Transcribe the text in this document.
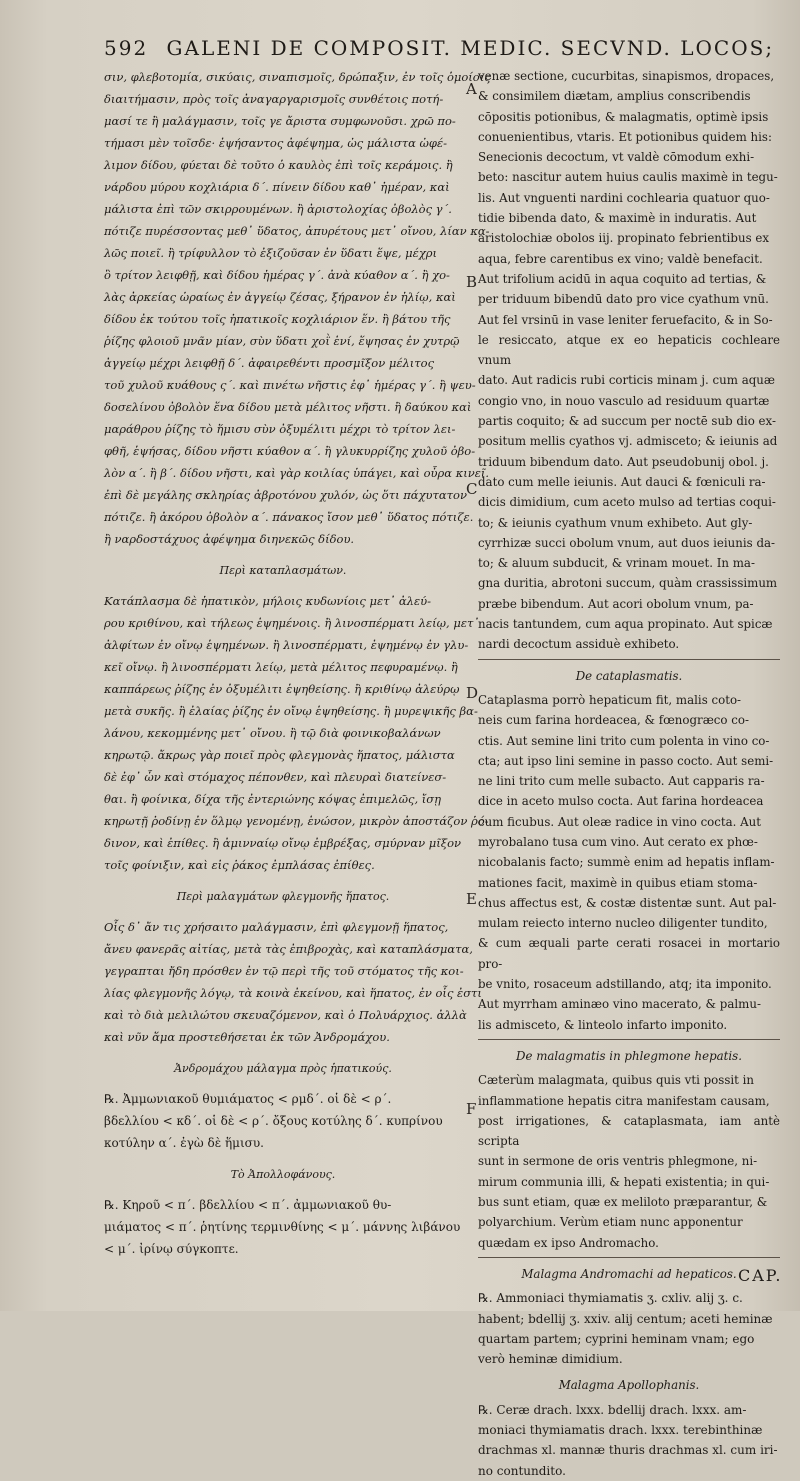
592 GALENI DE COMPOSIT. MEDIC. SECVND. LOCOS;
σιν, φλεβοτομία, σικύαις, σιναπισμοῖς, δρώπαξιν, ἐν τοῖς ὁμοίοις
διαιτήμασιν, πρὸς τοῖς ἀναγαργαρισμοῖς συνθέτοις ποτή-
μασί τε ἢ μαλάγμασιν, τοῖς γε ἄριστα συμφωνοῦσι. χρῶ πο-
τήμασι μὲν τοῖσδε· ἑψήσαντος ἀφέψημα, ὡς μάλιστα ὠφέ-
λιμον δίδου, φύεται δὲ τοῦτο ὁ καυλὸς ἐπὶ τοῖς κεράμοις. ἢ
νάρδου μύρου κοχλιάρια δ΄. πίνειν δίδου καθ᾽ ἡμέραν, καὶ
μάλιστα ἐπὶ τῶν σκιρρουμένων. ἢ ἀριστολοχίας ὀβολὸς γ΄.
πότιζε πυρέσσοντας μεθ᾽ ὕδατος, ἀπυρέτους μετ᾽ οἴνου, λίαν κα-
λῶς ποιεῖ. ἢ τρίφυλλον τὸ ἐξιζοῦσαν ἐν ὕδατι ἕψε, μέχρι
ὃ τρίτον λειφθῇ, καὶ δίδου ἡμέρας γ΄. ἀνὰ κύαθον α΄. ἢ χο-
λὰς ἀρκείας ὡραίως ἐν ἀγγείῳ ζέσας, ξήρανον ἐν ἡλίῳ, καὶ
δίδου ἐκ τούτου τοῖς ἡπατικοῖς κοχλιάριον ἕν. ἢ βάτου τῆς
ῥίζης φλοιοῦ μνᾶν μίαν, σὺν ὕδατι χοῒ ἑνί, ἕψησας ἐν χυτρῷ
ἀγγείῳ μέχρι λειφθῇ δ΄. ἀφαιρεθέντι προσμῖξον μέλιτος
τοῦ χυλοῦ κυάθους ς΄. καὶ πινέτω νῆστις ἐφ᾽ ἡμέρας γ΄. ἢ ψευ-
δοσελίνου ὀβολὸν ἕνα δίδου μετὰ μέλιτος νῆστι. ἢ δαύκου καὶ
μαράθρου ῥίζης τὸ ἥμισυ σὺν ὀξυμέλιτι μέχρι τὸ τρίτον λει-
φθῆ, ἑψήσας, δίδου νῆστι κύαθον α΄. ἢ γλυκυρρίζης χυλοῦ ὀβο-
λὸν α΄. ἢ β΄. δίδου νῆστι, καὶ γὰρ κοιλίας ὑπάγει, καὶ οὖρα κινεῖ.
ἐπὶ δὲ μεγάλης σκληρίας ἀβροτόνου χυλόν, ὡς ὅτι πάχυτατον
πότιζε. ἢ ἀκόρου ὀβολὸν α΄. πάνακος ἴσον μεθ᾽ ὕδατος πότιζε.
ἢ ναρδοστάχυος ἀφέψημα διηνεκῶς δίδου.
Περὶ καταπλασμάτων.
Κατάπλασμα δὲ ἡπατικὸν, μήλοις κυδωνίοις μετ᾽ ἀλεύ-
ρου κριθίνου, καὶ τήλεως ἑψημένοις. ἢ λινοσπέρματι λείῳ, μετ᾽
ἀλφίτων ἐν οἴνῳ ἑψημένων. ἢ λινοσπέρματι, ἑψημένῳ ἐν γλυ-
κεῖ οἴνῳ. ἢ λινοσπέρματι λείῳ, μετὰ μέλιτος πεφυραμένῳ. ἢ
καππάρεως ῥίζης ἐν ὀξυμέλιτι ἑψηθείσης. ἢ κριθίνῳ ἀλεύρῳ
μετὰ συκῆς. ἢ ἐλαίας ῥίζης ἐν οἴνῳ ἑψηθείσης. ἢ μυρεψικῆς βα-
λάνου, κεκομμένης μετ᾽ οἴνου. ἢ τῷ διὰ φοινικοβαλάνων
κηρωτῷ. ἄκρως γὰρ ποιεῖ πρὸς φλεγμονὰς ἥπατος, μάλιστα
δὲ ἐφ᾽ ὧν καὶ στόμαχος πέπονθεν, καὶ πλευραὶ διατείνεσ-
θαι. ἢ φοίνικα, δίχα τῆς ἐντεριώνης κόψας ἐπιμελῶς, ἴσῃ
κηρωτῇ ῥοδίνῃ ἐν ὅλμῳ γενομένῃ, ἑνώσον, μικρὸν ἀποστάζον ῥό-
δινον, καὶ ἐπίθες. ἢ ἀμινναίῳ οἴνῳ ἐμβρέξας, σμύρναν μῖξον
τοῖς φοίνιξιν, καὶ εἰς ῥάκος ἐμπλάσας ἐπίθες.
Περὶ μαλαγμάτων φλεγμονῆς ἥπατος.
Οἷς δ᾽ ἄν τις χρήσαιτο μαλάγμασιν, ἐπὶ φλεγμονῇ ἥπατος,
ἄνευ φανερᾶς αἰτίας, μετὰ τὰς ἐπιβροχὰς, καὶ καταπλάσματα,
γεγραπται ἤδη πρόσθεν ἐν τῷ περὶ τῆς τοῦ στόματος τῆς κοι-
λίας φλεγμονῆς λόγῳ, τὰ κοινὰ ἐκείνου, καὶ ἥπατος, ἐν οἷς ἐστι
καὶ τὸ διὰ μελιλώτου σκευαζόμενον, καὶ ὁ Πολυάρχιος. ἀλλὰ
καὶ νῦν ἅμα προστεθήσεται ἐκ τῶν Ἀνδρομάχου.
Ἀνδρομάχου μάλαγμα πρὸς ἡπατικούς.
℞. Ἀμμωνιακοῦ θυμιάματος < ρμδ΄. οἱ δὲ < ρ΄.
βδελλίου < κδ΄. οἱ δὲ < ρ΄. ὄξους κοτύλης δ΄. κυπρίνου
κοτύλην α΄. ἐγὼ δὲ ἥμισυ.
Τὸ Ἀπολλοφάνους.
℞. Κηροῦ < π΄. βδελλίου < π΄. ἀμμωνιακοῦ θυ-
μιάματος < π΄. ῥητίνης τερμινθίνης < μ΄. μάννης λιβάνου
< μ΄. ἰρίνῳ σύγκοπτε.
A
B
C
D
E
F
venæ sectione, cucurbitas, sinapismos, dropaces,
& consimilem diætam, amplius conscribendis
cōpositis potionibus, & malagmatis, optimè ipsis
conuenientibus, vtaris. Et potionibus quidem his:
Senecionis decoctum, vt valdè cōmodum exhi-
beto: nascitur autem huius caulis maximè in tegu-
lis. Aut vnguenti nardini cochlearia quatuor quo-
tidie bibenda dato, & maximè in induratis. Aut
aristolochiæ obolos iij. propinato febrientibus ex
aqua, febre carentibus ex vino; valdè benefacit.
Aut trifolium acidū in aqua coquito ad tertias, &
per triduum bibendū dato pro vice cyathum vnū.
Aut fel vrsinū in vase leniter feruefacito, & in So-
le resiccato, atque ex eo hepaticis cochleare vnum
dato. Aut radicis rubi corticis minam j. cum aquæ
congio vno, in nouo vasculo ad residuum quartæ
partis coquito; & ad succum per noctē sub dio ex-
positum mellis cyathos vj. admisceto; & ieiunis ad
triduum bibendum dato. Aut pseudobunij obol. j.
dato cum melle ieiunis. Aut dauci & fœniculi ra-
dicis dimidium, cum aceto mulso ad tertias coqui-
to; & ieiunis cyathum vnum exhibeto. Aut gly-
cyrrhizæ succi obolum vnum, aut duos ieiunis da-
to; & aluum subducit, & vrinam mouet. In ma-
gna duritia, abrotoni succum, quàm crassissimum
præbe bibendum. Aut acori obolum vnum, pa-
nacis tantundem, cum aqua propinato. Aut spicæ
nardi decoctum assiduè exhibeto.
De cataplasmatis.
Cataplasma porrò hepaticum fit, malis coto-
neis cum farina hordeacea, & fœnogræco co-
ctis. Aut semine lini trito cum polenta in vino co-
cta; aut ipso lini semine in passo cocto. Aut semi-
ne lini trito cum melle subacto. Aut capparis ra-
dice in aceto mulso cocta. Aut farina hordeacea
cum ficubus. Aut oleæ radice in vino cocta. Aut
myrobalano tusa cum vino. Aut cerato ex phœ-
nicobalanis facto; summè enim ad hepatis inflam-
mationes facit, maximè in quibus etiam stoma-
chus affectus est, & costæ distentæ sunt. Aut pal-
mulam reiecto interno nucleo diligenter tundito,
& cum æquali parte cerati rosacei in mortario pro-
be vnito, rosaceum adstillando, atq; ita imponito.
Aut myrrham aminæo vino macerato, & palmu-
lis admisceto, & linteolo infarto imponito.
De malagmatis in phlegmone hepatis.
Cæterùm malagmata, quibus quis vti possit in
inflammatione hepatis citra manifestam causam,
post irrigationes, & cataplasmata, iam antè scripta
sunt in sermone de oris ventris phlegmone, ni-
mirum communia illi, & hepati existentia; in qui-
bus sunt etiam, quæ ex meliloto præparantur, &
polyarchium. Verùm etiam nunc apponentur
quædam ex ipso Andromacho.
Malagma Andromachi ad hepaticos.
℞. Ammoniaci thymiamatis ʒ. cxliv. alij ʒ. c.
habent; bdellij ʒ. xxiv. alij centum; aceti heminæ
quartam partem; cyprini heminam vnam; ego
verò heminæ dimidium.
Malagma Apollophanis.
℞. Ceræ drach. lxxx. bdellij drach. lxxx. am-
moniaci thymiamatis drach. lxxx. terebinthinæ
drachmas xl. mannæ thuris drachmas xl. cum iri-
no contundito.
CAP.
